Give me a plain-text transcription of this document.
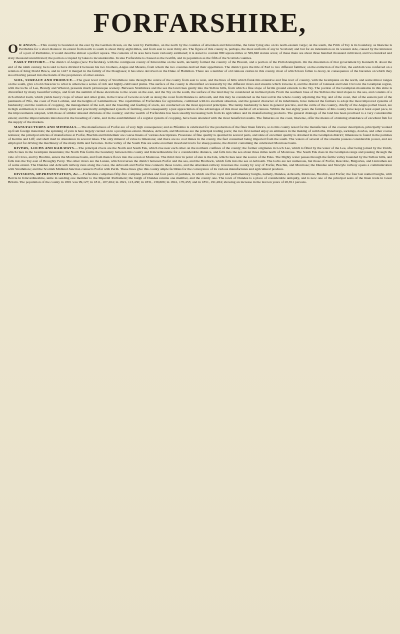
FORFARSHIRE,

O R ANGUS.—This county is bounded on the east by the German Ocean, on the west by Perthshire, on the north by the counties of Aberdeen and Kincardine, the latter lying also on its north-eastern verge; on the south, the Frith of Tay is its boundary, as likewise is Perthshire for a short distance: its extent from north to south is about thirty-eight miles, and from east to west thirty-six. The figure of this county is, perhaps, the most uniform of any in Scotland; and but for an indentation on its western side, caused by the intrusion of a part of Perthshire, it would describe almost a perfect square. The contents of its area have been variously estimated; it is stated to contain 890 square miles or 569,840 statute acres; of these there are about three hundred thousand cultivated, and two hundred and sixty thousand uncultivated; the portion occupied by lakes is inconsiderable. In size Forfarshire is classed as the twelfth, and in population as the fifth of the Scottish counties.

EARLY HISTORY.—The district of Angus (now Forfarshire), with the contiguous county of Kincardine on the north, anciently formed the country of the Horesti, and a portion of the Pictish kingdom. On the dissolution of that government by Kenneth II. about the end of the ninth century, he is said to have divided it between his two brothers, Angus and Mearns, from whom the two counties derived their appellation. The district gave the title of Earl to two different families; on the extinction of the first, the earldom was conferred on a relation of King David Bruce, and in 1427 it merged in the family of the Douglases; it has since devolved on the Duke of Hamilton. There are a number of old ruinous castles in this county, most of which have fallen to decay, in consequence of the baronies on which they stood having passed into the hands of the proprietors of other estates.

SOIL, SURFACE AND PRODUCE.—The great level valley of Strathmore runs through the centre of the county from east to west, and the lines of hills which flank this extensive and fine tract of country, with the Grampians on the north, and some minor ranges on the south, give a bold character to what is otherwise a series of rich and highly-cultivated plains. The surface of the county is diversified occasionally by the different rivers and streams which traverse it, and the district of Glenesk and Glen Clova in the Grampian region, with the lochs of Lee, Brandy and Wharral, presents much picturesque scenery. Between Strathmore and the sea the land rises gently into the Sidlaw hills, from which a fine slope of fertile ground extends to the Tay. The portion of the Grampian mountains in this shire is diversified by many beautiful valleys, and from the summit of these elevations to the ocean on the east, and the Tay on the south, the surface of the land may be considered an inclined plain. From the southern base of the Sidlaws the land slopes to the sea, and consists of a rich alluvial loam, which yields heavy crops of wheat and other grain, in the Carse of Gowrie as well as along the coast from Dundee to Arbroath, and this may be considered as the best soil in the whole county adjoining the Tay, and of the coast, that of the eastern part of the peninsula of Fife, the coast of East Lothian, and the heights of Lammermoor. The capabilities of Forfarshire for agriculture, combined with its excellent situation, and the general character of its inhabitants, have induced the farmers to adopt the most improved systems of husbandry; and the rotation of cropping, the management of the soil, and the breeding and feeding of stock, are conducted on the most approved principles. The turnip husbandry is here in general practice, and the cattle of the country, chiefly of the Angus polled breed, are in high estimation; it now exhibits a lively spirit and practically enlightened system of farming, and consequently a just appreciation of the advantages of this most useful of all sciences. Within the last eighty years the farmers of this county have kept at least equal pace, in the improvements adopted, with those of similar situated divisions of the country; and the wealth of Forfarshire has been steadily increasing both from its agriculture and its manufacturing products. The general drainage of the land has been practised to a very considerable extent; and the improvements introduced in the breeding of cattle, and in the establishment of a regular system of cropping, have been attended with the most beneficial results. The fisheries on the coast, likewise, offer the means of obtaining abundance of excellent fish for the supply of the markets.

MANUFACTURES AND MINERALS.—The manufactures of Forfar are of very high consequence; and as Fifeshire is celebrated for the production of the finer linen fabrics, so is this county noted for the manufacture of the coarser description, principally worked up from foreign materials; the spinning of yarn is here largely carried on in a prodigious extent. Dundee, Arbroath, and Montrose are the principal trading ports; the two first named enjoy an eminence in the making of sailcloths, Osnaburgs, sackings, dowlas, and other coarse textures; the principal articles of manufacture at Forfar, Brechin and Kirriemuir are coarse linens of various descriptions. Freestone of fine quality is quarried in several parts, and slate of excellent quality is obtained in the Grampian district; limestone is found in the parishes of Kettins and Liff; and shell marl in abundance in several lakes. The only mineral of value is limestone; and there are no coal mines in the county, the fuel consumed being imported from the south. The waters of several of the streams possess considerable power, and are employed for driving the machinery of the many mills and factories. In the valley of the South Esk are some excellent moorland tracts for sheep pasture, the district containing the celebrated Montrose basin.

RIVERS, LOCHS AND RAILWAYS.—The principal rivers are the North and South Esk, which rise near each other on the northern confines of the county; the former originates in Loch Lee, which is filled by the water of the Lee, after being joined by the Unich, which rises in the Grampian mountains; the North Esk forms the boundary between this county and Kincardineshire for a considerable distance, and falls into the sea about three miles north of Montrose. The South Esk rises in the Grampian range and passing through the vale of Clova, and by Brechin, enters the Montrose basin, and from thence flows into the ocean at Montrose. The third river in point of size is the Isla, which rises near the source of the Esks. The Dighty water passes through the fertile valley bounded by the Sidlaw hills, and falls into the Tay east of Broughty Ferry. The other rivers are the Lunan, which traverses the district between Forfar and the sea, and the Brothock, which falls into the sea at Arbroath. The lochs are not numerous, but those of Forfar, Rescobie, Balgavies, and Lintrathen are of some extent. The Dundee and Arbroath railway runs along the coast, the Arbroath and Forfar line connects those towns, and the Aberdeen railway traverses the county by way of Forfar, Brechin, and Montrose; the Dundee and Newtyle railway opens a communication with Strathmore; and the Scottish Midland Junction connects Forfar with Perth. These lines give this county ample facilities for the conveyance of its various manufactures and agricultural produce.

DIVISIONS, REPRESENTATION, &c.—Forfarshire comprises fifty-five complete parishes and four parts of parishes, in which are five royal and parliamentary burghs, namely, Dundee, Arbroath, Montrose, Brechin, and Forfar; the four last named burghs, with Bervie in Kincardineshire, unite in sending one member to the Imperial Parliament; the burgh of Dundee returns one member, and the county one. The town of Dundee is a place of considerable antiquity, and is now one of the principal seats of the linen trade in Great Britain. The population of the county in 1801 was 99,127; in 1811, 107,264; in 1821, 113,430; in 1831, 139,606; in 1841, 170,453; and in 1851, 191,264; showing an increase in the last ten years of 20,811 persons.
